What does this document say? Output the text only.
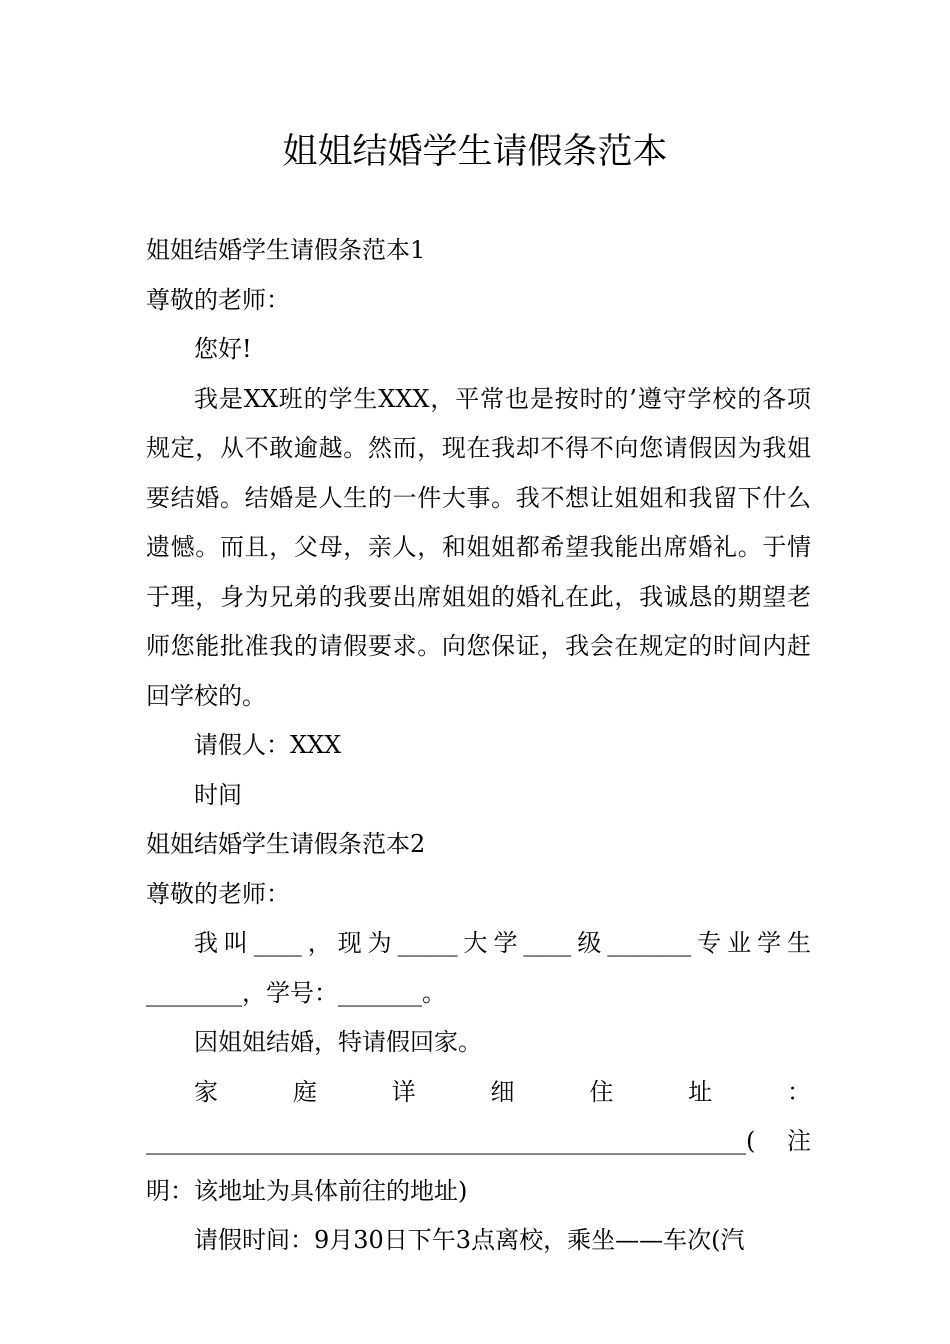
姐姐结婚学生请假条范本

姐姐结婚学生请假条范本1

尊敬的老师：

您好!

我是XX班的学生XXX，平常也是按时的’遵守学校的各项规定，从不敢逾越。然而，现在我却不得不向您请假因为我姐要结婚。结婚是人生的一件大事。我不想让姐姐和我留下什么遗憾。而且，父母，亲人，和姐姐都希望我能出席婚礼。于情于理，身为兄弟的我要出席姐姐的婚礼在此，我诚恳的期望老师您能批准我的请假要求。向您保证，我会在规定的时间内赶回学校的。

请假人：XXX

时间

姐姐结婚学生请假条范本2

尊敬的老师：

我叫____，现为_____大学____级_______专业学生________，学号：_______。

因姐姐结婚，特请假回家。

家庭详细住址：__________________________________________________(注明：该地址为具体前往的地址)

请假时间：9月30日下午3点离校，乘坐——车次(汽
